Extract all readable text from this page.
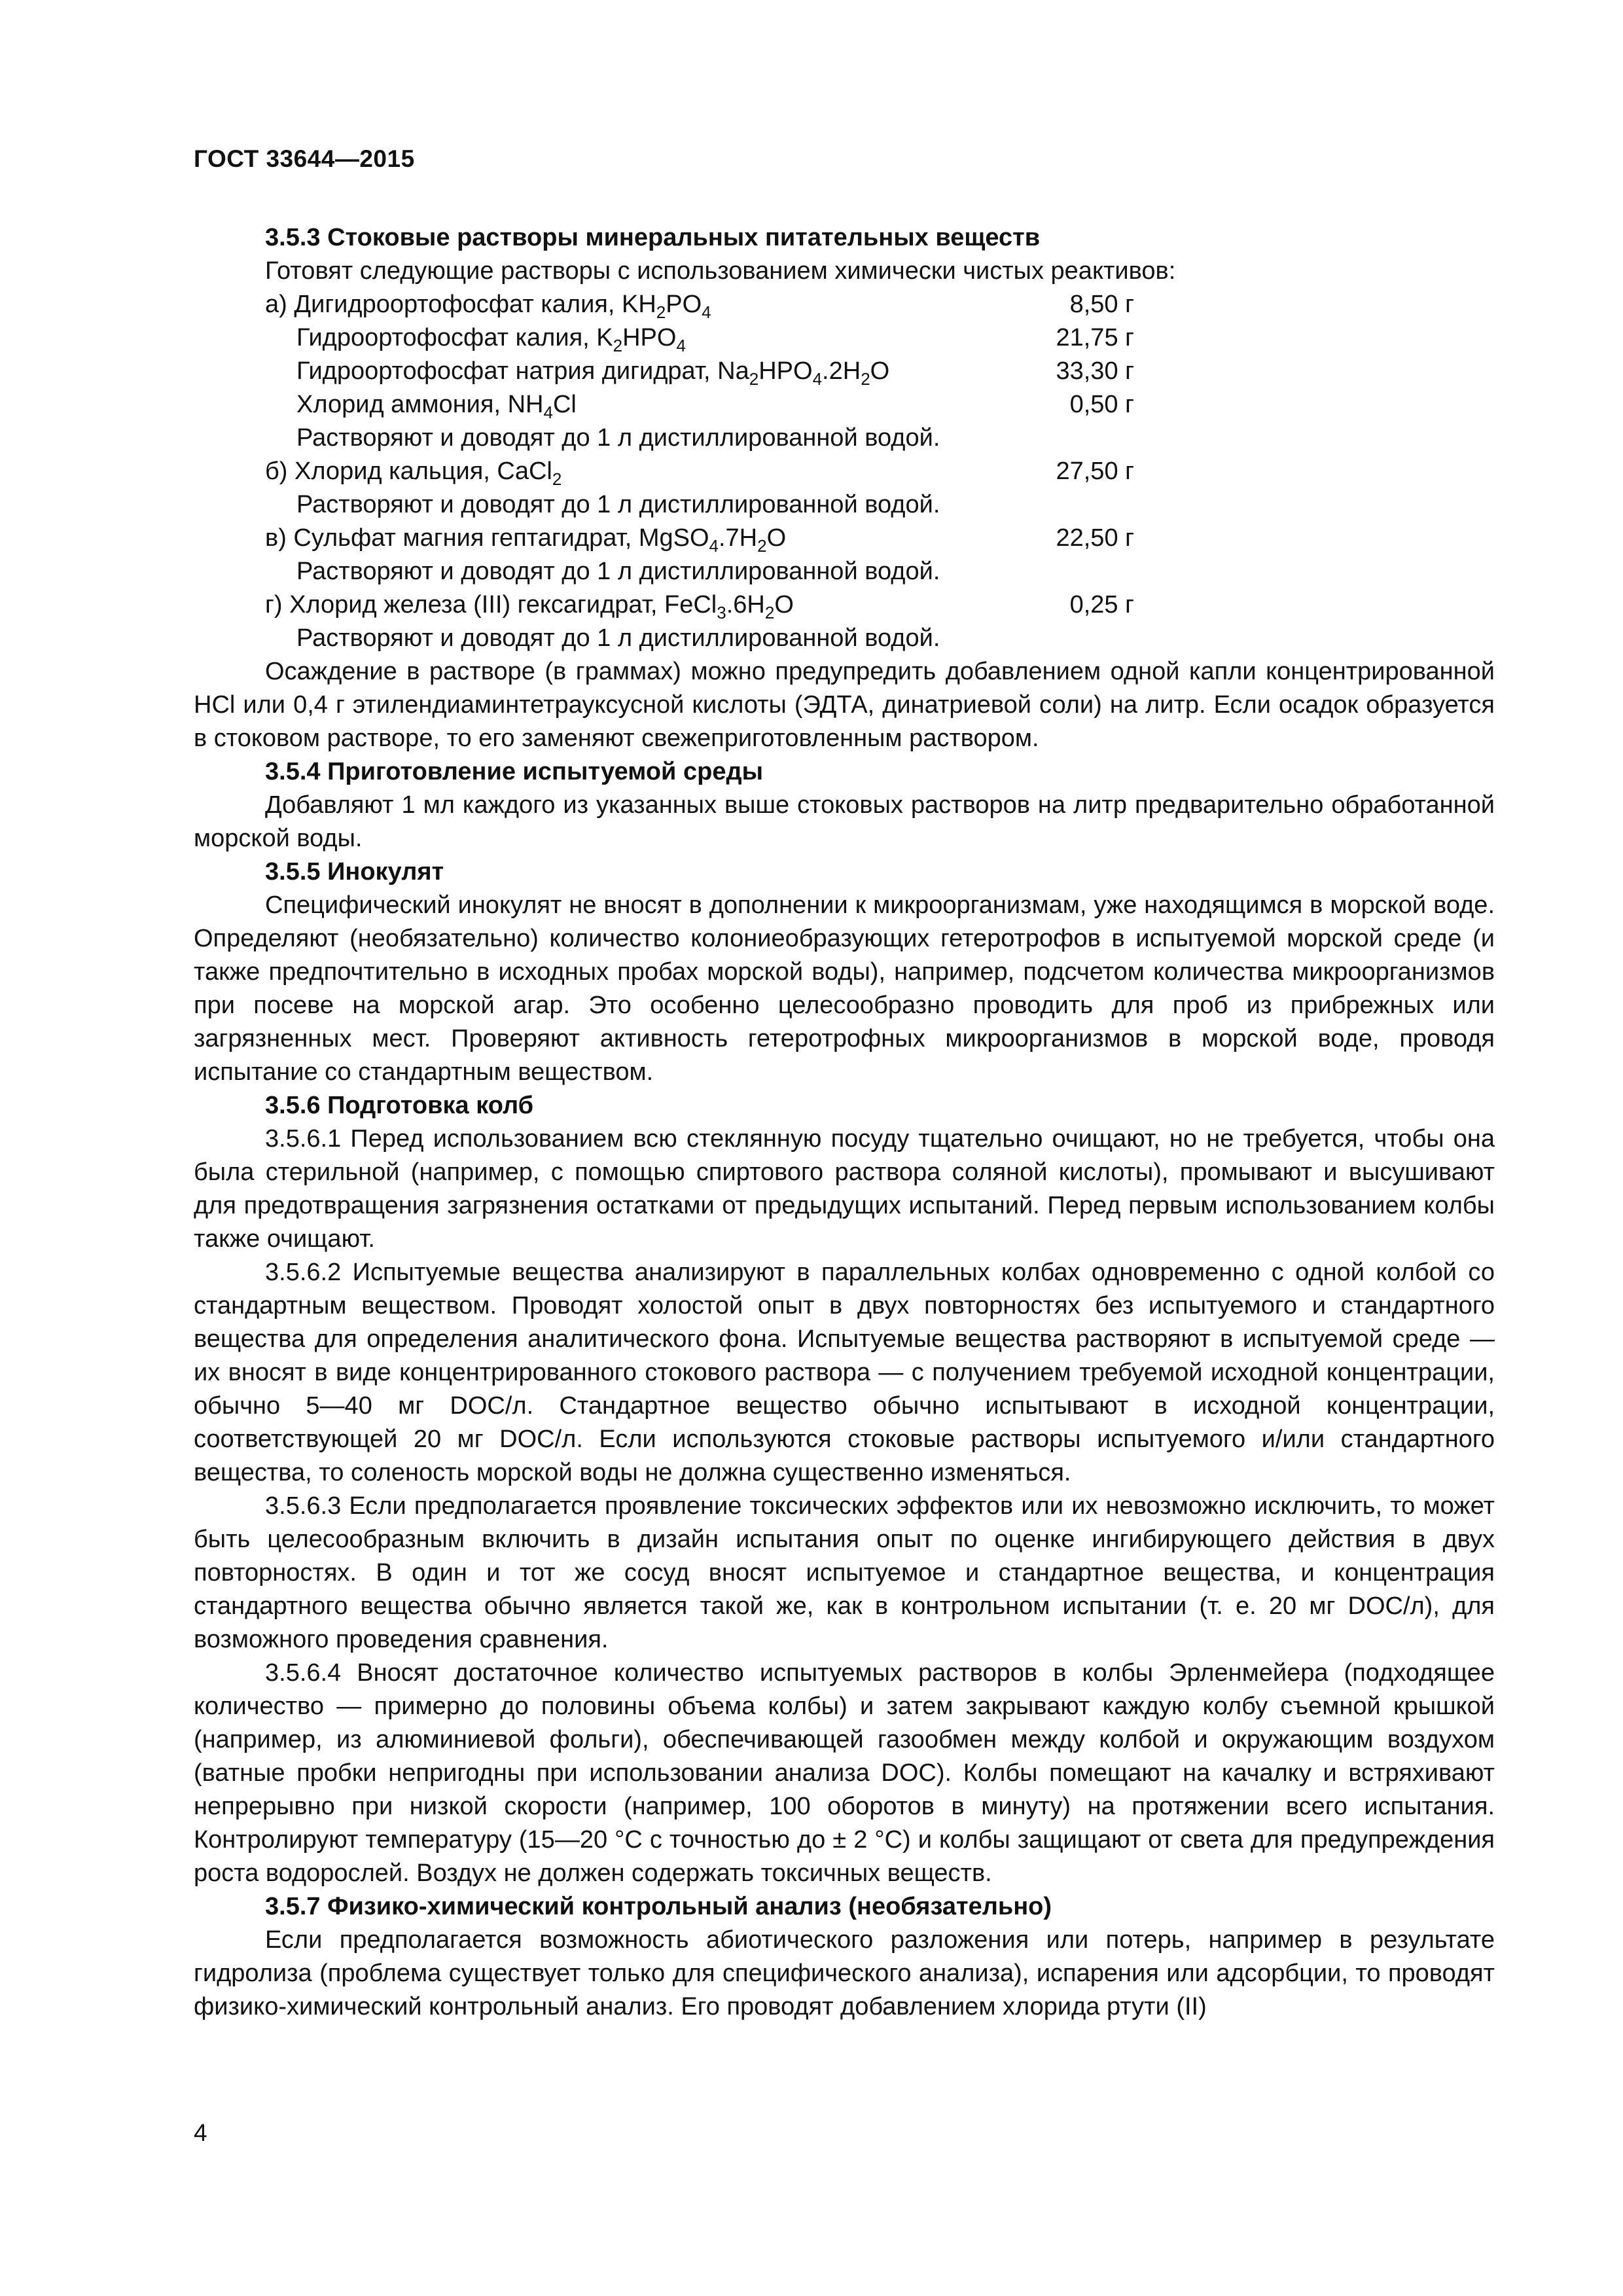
ГОСТ 33644—2015

3.5.3 Стоковые растворы минеральных питательных веществ

Готовят следующие растворы с использованием химически чистых реактивов:

а) Дигидроортофосфат калия, $KH_2PO_4$	8,50 г
Гидроортофосфат калия, $K_2HPO_4$	21,75 г
Гидроортофосфат натрия дигидрат, $Na_2HPO_4.2H_2O$	33,30 г
Хлорид аммония, $NH_4Cl$	0,50 г
Растворяют и доводят до 1 л дистиллированной водой.	
б) Хлорид кальция, CaCl$_2$	27,50 г
Растворяют и доводят до 1 л дистиллированной водой.	
в) Сульфат магния гептагидрат, $MgSO_4.7H_2O$	22,50 г
Растворяют и доводят до 1 л дистиллированной водой.	
г) Хлорид железа (III) гексагидрат, $FeCl_3.6H_2O$	0,25 г
Растворяют и доводят до 1 л дистиллированной водой.	

Осаждение в растворе (в граммах) можно предупредить добавлением одной капли концентрированной HCl или 0,4 г этилендиаминтетрауксусной кислоты (ЭДТА, динатриевой соли) на литр. Если осадок образуется в стоковом растворе, то его заменяют свежеприготовленным раствором.

3.5.4 Приготовление испытуемой среды

Добавляют 1 мл каждого из указанных выше стоковых растворов на литр предварительно обработанной морской воды.

3.5.5 Инокулят

Специфический инокулят не вносят в дополнении к микроорганизмам, уже находящимся в морской воде. Определяют (необязательно) количество колониеобразующих гетеротрофов в испытуемой морской среде (и также предпочтительно в исходных пробах морской воды), например, подсчетом количества микроорганизмов при посеве на морской агар. Это особенно целесообразно проводить для проб из прибрежных или загрязненных мест. Проверяют активность гетеротрофных микроорганизмов в морской воде, проводя испытание со стандартным веществом.

3.5.6 Подготовка колб

3.5.6.1 Перед использованием всю стеклянную посуду тщательно очищают, но не требуется, чтобы она была стерильной (например, с помощью спиртового раствора соляной кислоты), промывают и высушивают для предотвращения загрязнения остатками от предыдущих испытаний. Перед первым использованием колбы также очищают.

3.5.6.2 Испытуемые вещества анализируют в параллельных колбах одновременно с одной колбой со стандартным веществом. Проводят холостой опыт в двух повторностях без испытуемого и стандартного вещества для определения аналитического фона. Испытуемые вещества растворяют в испытуемой среде — их вносят в виде концентрированного стокового раствора — с получением требуемой исходной концентрации, обычно 5—40 мг DOC/л. Стандартное вещество обычно испытывают в исходной концентрации, соответствующей 20 мг DOC/л. Если используются стоковые растворы испытуемого и/или стандартного вещества, то соленость морской воды не должна существенно изменяться.

3.5.6.3 Если предполагается проявление токсических эффектов или их невозможно исключить, то может быть целесообразным включить в дизайн испытания опыт по оценке ингибирующего действия в двух повторностях. В один и тот же сосуд вносят испытуемое и стандартное вещества, и концентрация стандартного вещества обычно является такой же, как в контрольном испытании (т. е. 20 мг DOC/л), для возможного проведения сравнения.

3.5.6.4 Вносят достаточное количество испытуемых растворов в колбы Эрленмейера (подходящее количество — примерно до половины объема колбы) и затем закрывают каждую колбу съемной крышкой (например, из алюминиевой фольги), обеспечивающей газообмен между колбой и окружающим воздухом (ватные пробки непригодны при использовании анализа DOC). Колбы помещают на качалку и встряхивают непрерывно при низкой скорости (например, 100 оборотов в минуту) на протяжении всего испытания. Контролируют температуру (15—20 °С с точностью до ± 2 °С) и колбы защищают от света для предупреждения роста водорослей. Воздух не должен содержать токсичных веществ.

3.5.7 Физико-химический контрольный анализ (необязательно)

Если предполагается возможность абиотического разложения или потерь, например в результате гидролиза (проблема существует только для специфического анализа), испарения или адсорбции, то проводят физико-химический контрольный анализ. Его проводят добавлением хлорида ртути (II)

4
